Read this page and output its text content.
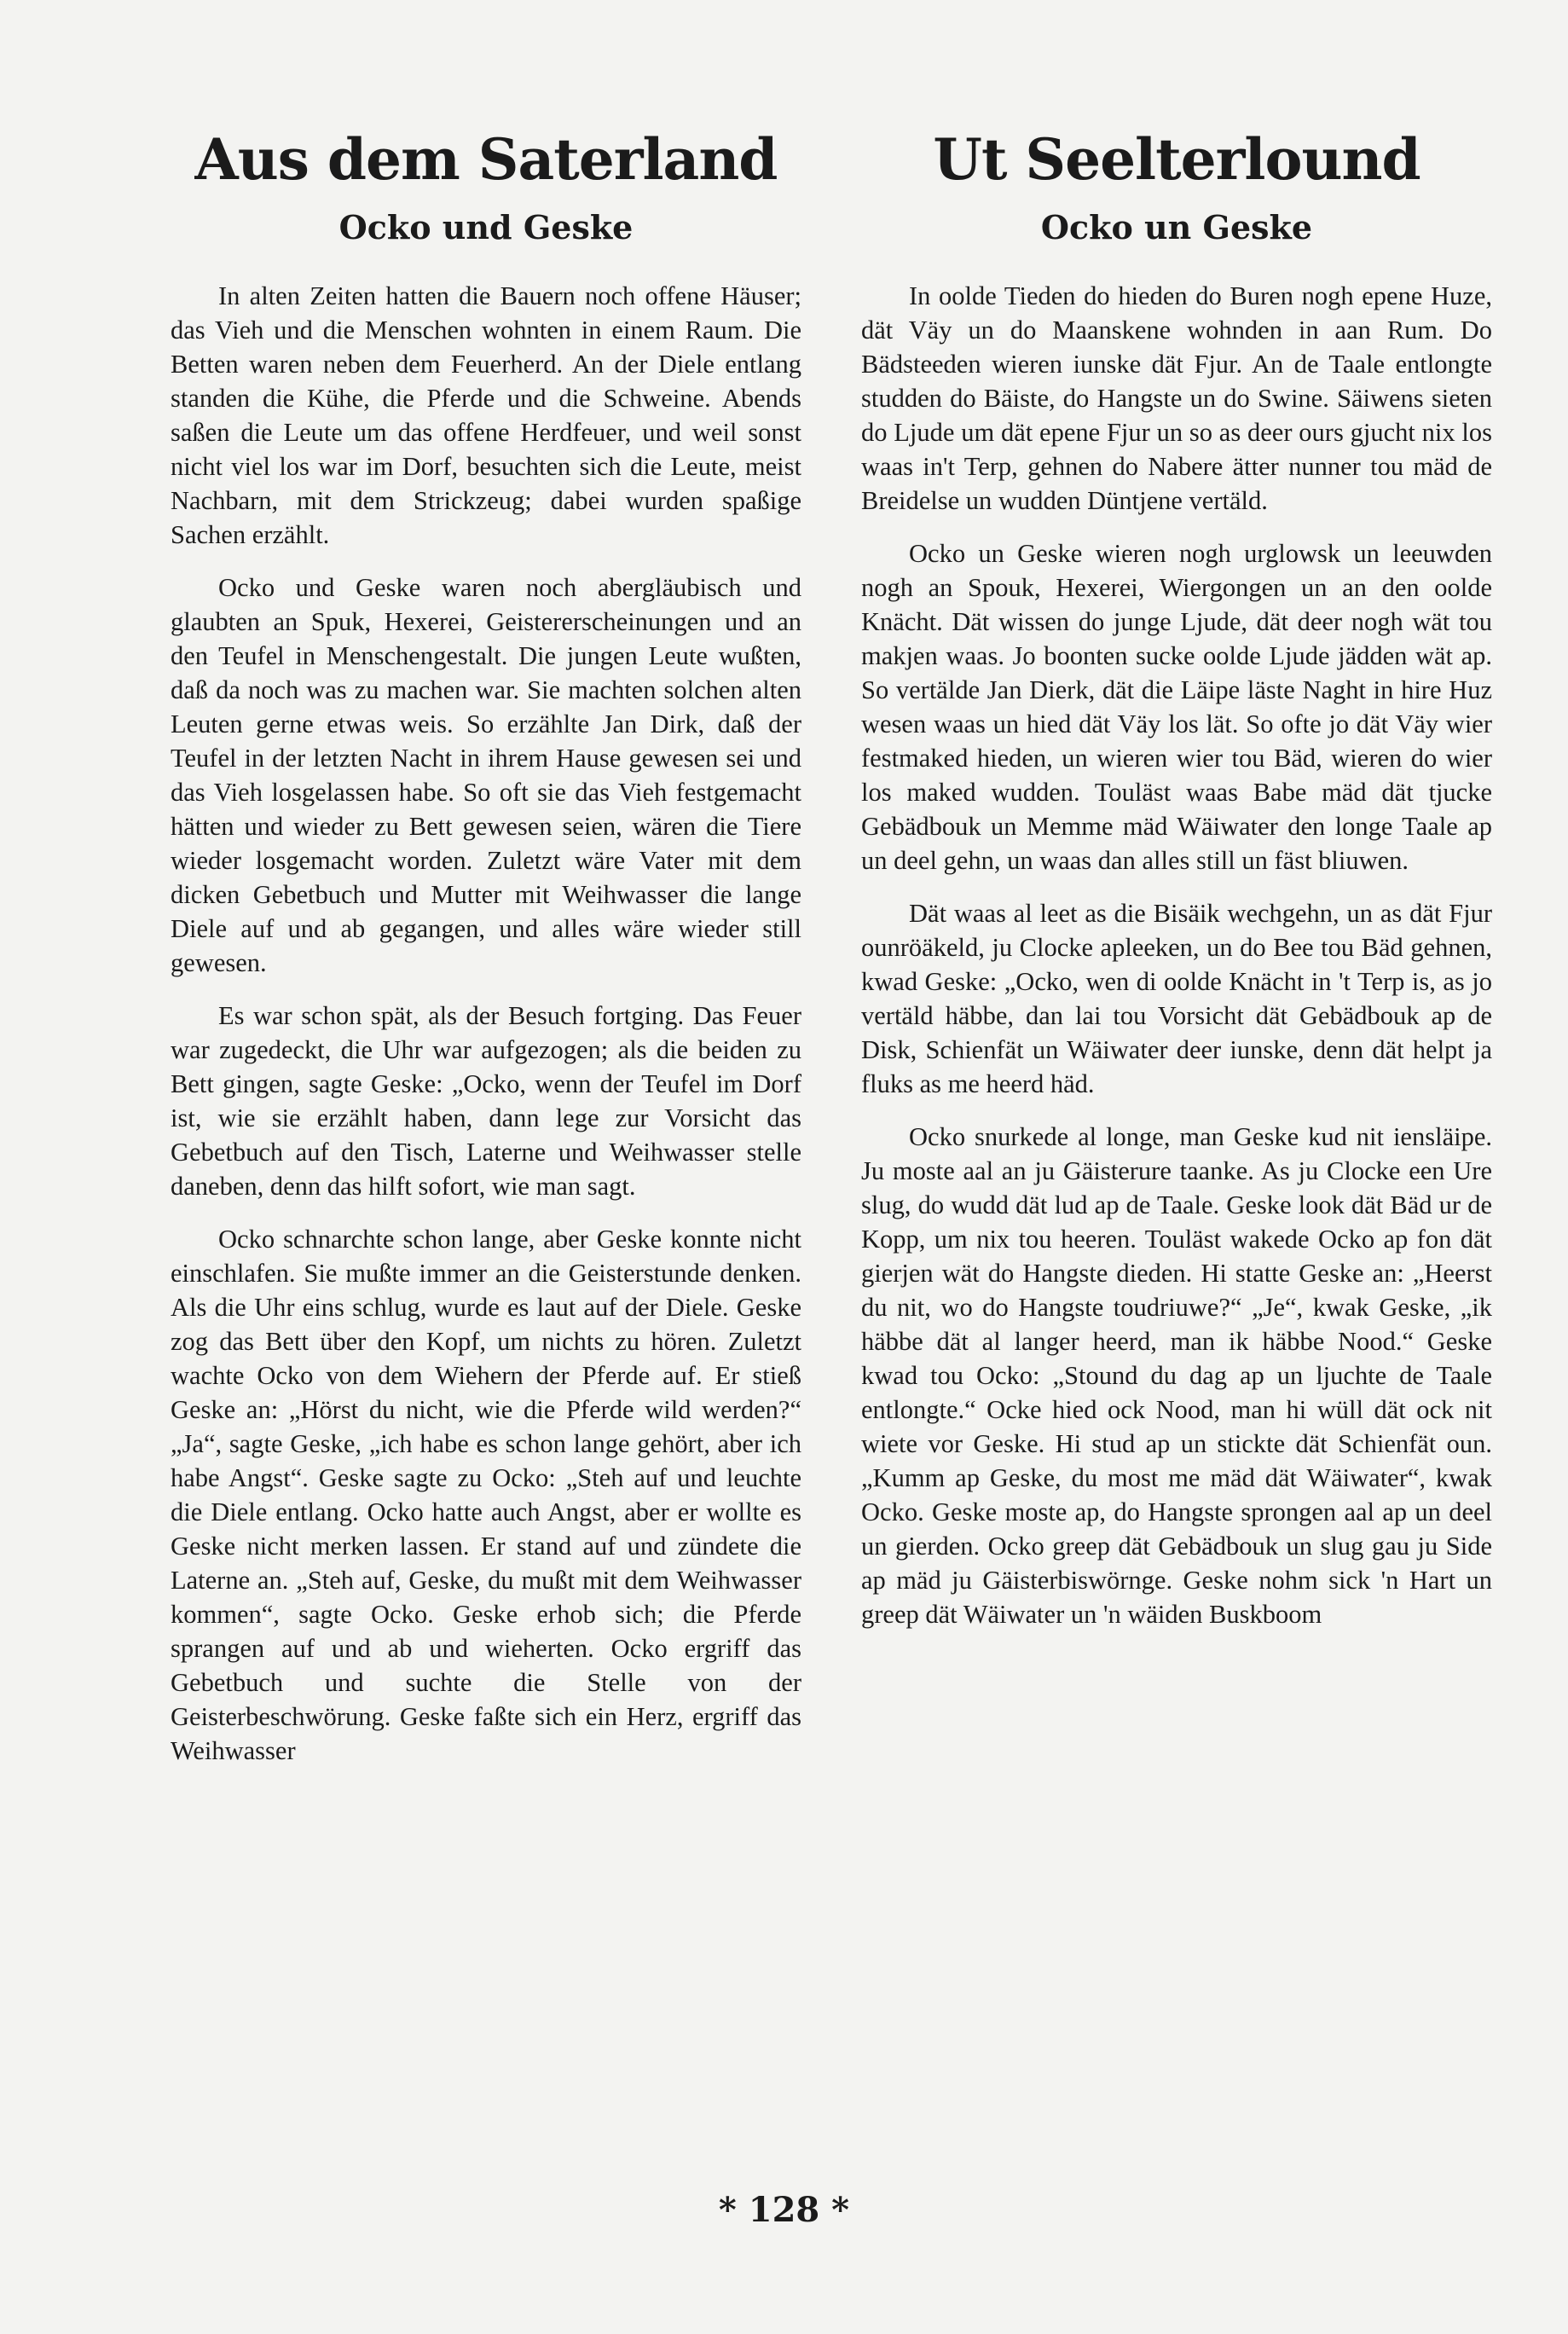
Aus dem Saterland
Ocko und Geske

In alten Zeiten hatten die Bauern noch offene Häuser; das Vieh und die Menschen wohnten in einem Raum. Die Betten waren neben dem Feuerherd. An der Diele entlang standen die Kühe, die Pferde und die Schweine. Abends saßen die Leute um das offene Herdfeuer, und weil sonst nicht viel los war im Dorf, besuchten sich die Leute, meist Nachbarn, mit dem Strickzeug; dabei wurden spaßige Sachen erzählt.

Ocko und Geske waren noch abergläubisch und glaubten an Spuk, Hexerei, Geistererscheinungen und an den Teufel in Menschengestalt. Die jungen Leute wußten, daß da noch was zu machen war. Sie machten solchen alten Leuten gerne etwas weis. So erzählte Jan Dirk, daß der Teufel in der letzten Nacht in ihrem Hause gewesen sei und das Vieh losgelassen habe. So oft sie das Vieh festgemacht hätten und wieder zu Bett gewesen seien, wären die Tiere wieder losgemacht worden. Zuletzt wäre Vater mit dem dicken Gebetbuch und Mutter mit Weihwasser die lange Diele auf und ab gegangen, und alles wäre wieder still gewesen.

Es war schon spät, als der Besuch fortging. Das Feuer war zugedeckt, die Uhr war aufgezogen; als die beiden zu Bett gingen, sagte Geske: „Ocko, wenn der Teufel im Dorf ist, wie sie erzählt haben, dann lege zur Vorsicht das Gebetbuch auf den Tisch, Laterne und Weihwasser stelle daneben, denn das hilft sofort, wie man sagt.

Ocko schnarchte schon lange, aber Geske konnte nicht einschlafen. Sie mußte immer an die Geisterstunde denken. Als die Uhr eins schlug, wurde es laut auf der Diele. Geske zog das Bett über den Kopf, um nichts zu hören. Zuletzt wachte Ocko von dem Wiehern der Pferde auf. Er stieß Geske an: „Hörst du nicht, wie die Pferde wild werden?“ „Ja“, sagte Geske, „ich habe es schon lange gehört, aber ich habe Angst“. Geske sagte zu Ocko: „Steh auf und leuchte die Diele entlang. Ocko hatte auch Angst, aber er wollte es Geske nicht merken lassen. Er stand auf und zündete die Laterne an. „Steh auf, Geske, du mußt mit dem Weihwasser kommen“, sagte Ocko. Geske erhob sich; die Pferde sprangen auf und ab und wieherten. Ocko ergriff das Gebetbuch und suchte die Stelle von der Geisterbeschwörung. Geske faßte sich ein Herz, ergriff das Weihwasser

Ut Seelterlound
Ocko un Geske

In oolde Tieden do hieden do Buren nogh epene Huze, dät Väy un do Maanskene wohnden in aan Rum. Do Bädsteeden wieren iunske dät Fjur. An de Taale entlongte studden do Bäiste, do Hangste un do Swine. Säiwens sieten do Ljude um dät epene Fjur un so as deer ours gjucht nix los waas in't Terp, gehnen do Nabere ätter nunner tou mäd de Breidelse un wudden Düntjene vertäld.

Ocko un Geske wieren nogh urglowsk un leeuwden nogh an Spouk, Hexerei, Wiergongen un an den oolde Knächt. Dät wissen do junge Ljude, dät deer nogh wät tou makjen waas. Jo boonten sucke oolde Ljude jädden wät ap. So vertälde Jan Dierk, dät die Läipe läste Naght in hire Huz wesen waas un hied dät Väy los lät. So ofte jo dät Väy wier festmaked hieden, un wieren wier tou Bäd, wieren do wier los maked wudden. Touläst waas Babe mäd dät tjucke Gebädbouk un Memme mäd Wäiwater den longe Taale ap un deel gehn, un waas dan alles still un fäst bliuwen.

Dät waas al leet as die Bisäik wechgehn, un as dät Fjur ounröäkeld, ju Clocke apleeken, un do Bee tou Bäd gehnen, kwad Geske: „Ocko, wen di oolde Knächt in 't Terp is, as jo vertäld häbbe, dan lai tou Vorsicht dät Gebädbouk ap de Disk, Schienfät un Wäiwater deer iunske, denn dät helpt ja fluks as me heerd häd.

Ocko snurkede al longe, man Geske kud nit iensläipe. Ju moste aal an ju Gäisterure taanke. As ju Clocke een Ure slug, do wudd dät lud ap de Taale. Geske look dät Bäd ur de Kopp, um nix tou heeren. Touläst wakede Ocko ap fon dät gierjen wät do Hangste dieden. Hi statte Geske an: „Heerst du nit, wo do Hangste toudriuwe?“ „Je“, kwak Geske, „ik häbbe dät al langer heerd, man ik häbbe Nood.“ Geske kwad tou Ocko: „Stound du dag ap un ljuchte de Taale entlongte.“ Ocke hied ock Nood, man hi wüll dät ock nit wiete vor Geske. Hi stud ap un stickte dät Schienfät oun. „Kumm ap Geske, du most me mäd dät Wäiwater“, kwak Ocko. Geske moste ap, do Hangste sprongen aal ap un deel un gierden. Ocko greep dät Gebädbouk un slug gau ju Side ap mäd ju Gäisterbiswörnge. Geske nohm sick 'n Hart un greep dät Wäiwater un 'n wäiden Buskboom

* 128 *
